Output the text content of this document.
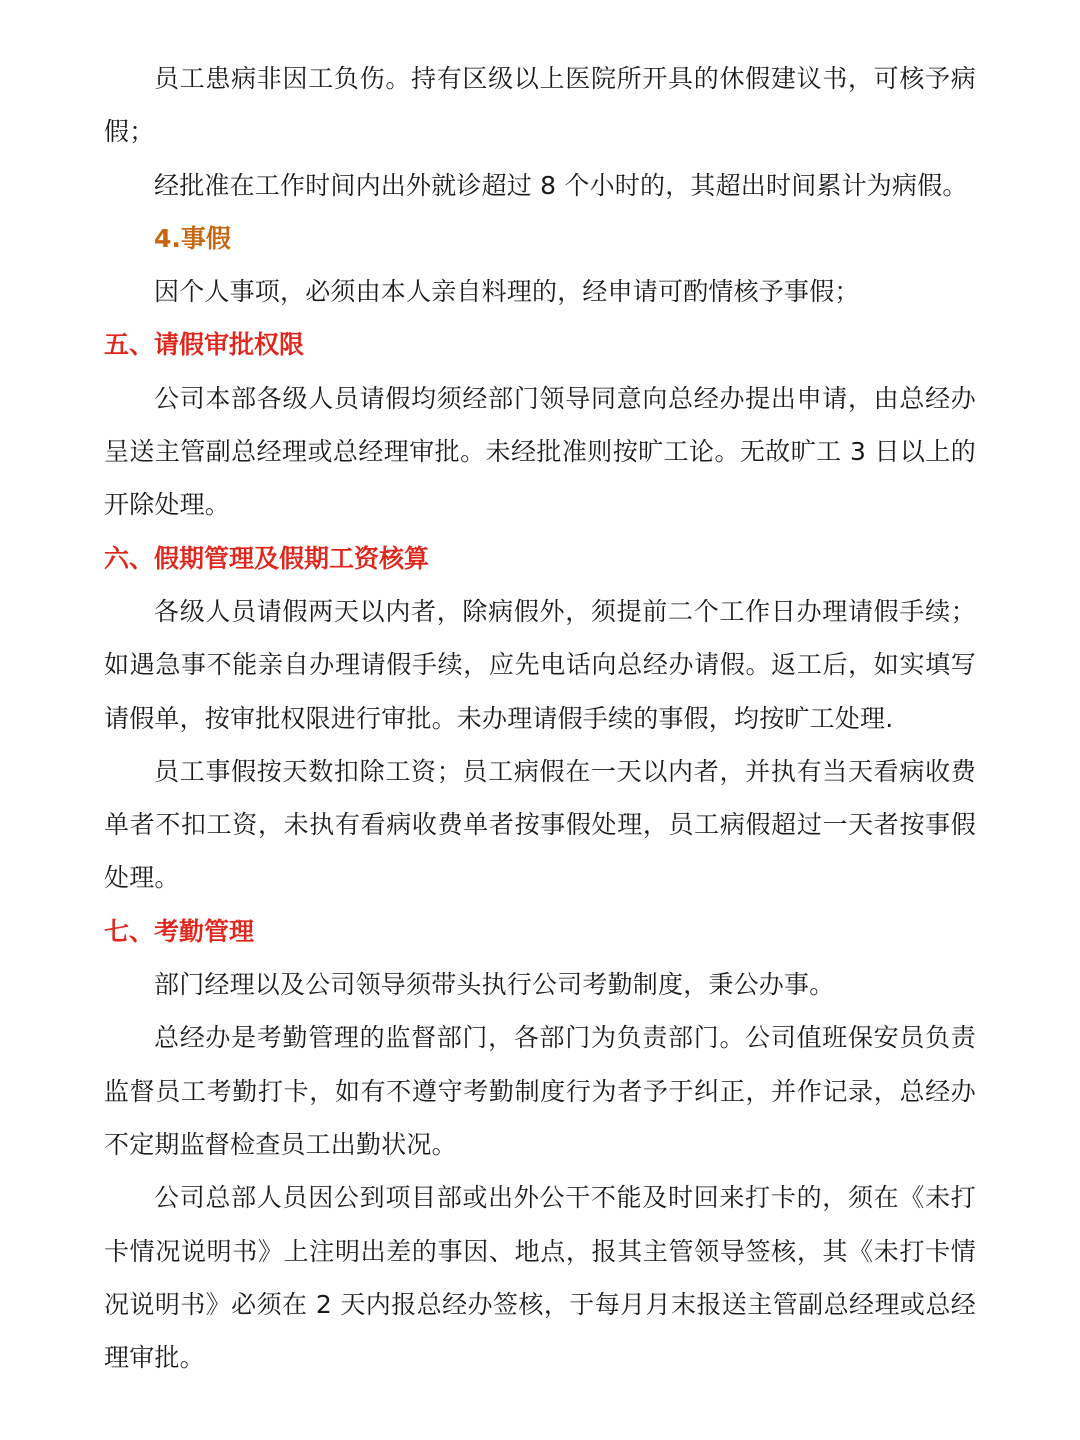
员工患病非因工负伤。持有区级以上医院所开具的休假建议书，可核予病假；

经批准在工作时间内出外就诊超过 8 个小时的，其超出时间累计为病假。

4.事假

因个人事项，必须由本人亲自料理的，经申请可酌情核予事假；

五、请假审批权限

公司本部各级人员请假均须经部门领导同意向总经办提出申请，由总经办呈送主管副总经理或总经理审批。未经批准则按旷工论。无故旷工 3 日以上的开除处理。

六、假期管理及假期工资核算

各级人员请假两天以内者，除病假外，须提前二个工作日办理请假手续；如遇急事不能亲自办理请假手续，应先电话向总经办请假。返工后，如实填写请假单，按审批权限进行审批。未办理请假手续的事假，均按旷工处理.

员工事假按天数扣除工资；员工病假在一天以内者，并执有当天看病收费单者不扣工资，未执有看病收费单者按事假处理，员工病假超过一天者按事假处理。

七、考勤管理

部门经理以及公司领导须带头执行公司考勤制度，秉公办事。

总经办是考勤管理的监督部门，各部门为负责部门。公司值班保安员负责监督员工考勤打卡，如有不遵守考勤制度行为者予于纠正，并作记录，总经办不定期监督检查员工出勤状况。

公司总部人员因公到项目部或出外公干不能及时回来打卡的，须在《未打卡情况说明书》上注明出差的事因、地点，报其主管领导签核，其《未打卡情况说明书》必须在 2 天内报总经办签核，于每月月末报送主管副总经理或总经理审批。
